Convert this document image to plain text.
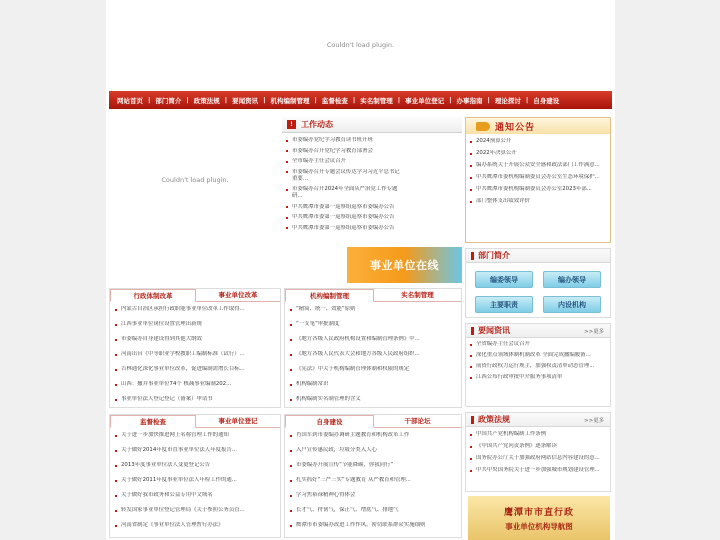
Couldn't load plugin.
网站首页 | 部门简介 | 政策法规 | 要闻资讯 | 机构编制管理 | 监督检查 | 实名制管理 | 事业单位登记 | 办事指南 | 理论探讨 | 自身建设
Couldn't load plugin.
!	工作动态
市委编办党纪学习教育读书班开班
市委编办召开党纪学习教育部署会
全市编办主任会议召开
市委编办召开专题会议传达学习习近平总书记重要...
市委编办召开2024年全面从严治党工作专题研...
中共鹰潭市委第一巡察组巡察市委编办公告
中共鹰潭市委第一巡察组巡察市委编办公告
中共鹰潭市委第一巡察组巡察市委编办公告
通知公告
2024预算公开
2022年决算公开
编办系统关于开展公众安全感和政法部门工作满意...
中共鹰潭市委机构编制委员会办公室生态环境保护...
中共鹰潭市委机构编制委员会办公室2023年部...
部门整体支出绩效评价
事业单位在线
部门简介
编委领导	编办领导
主要职责	内设机构
行政体制改革	事业单位改革
内蒙古自治区承担行政职能事业单位改革工作取得...
江西事业单位岗位设置管理出新规
市委编办自身建设得到其他大纲效
河南出台《中等职业学校教职工编制标准（试行）...
吉林通化深化事业单位改革，促进编制需增长目标...
山西：撤并事业单位74个 核减事业编制202...
事业单位法人登记登记（备案）申请书
机构编制管理	实名制管理
“精简、统一、效能”原则
“一支笔”审批制度
《地方各级人民政府机构设置和编制管理条例》中...
《地方各级人民代表大会和地方各级人民政府组织...
《宪法》中关于机构编制管理体制和权限的规定
机构编制常识
机构编制实名制管理的含义
监督检查	事业单位登记
关于进一步加快推进网上名称管理工作的通知
关于做好2014年度市直事业单位法人年度报告...
2013年度事业单位法人变更登记公告
关于做好2011年度事业单位法人年检工作的通...
关于做好我市政务和公益专用中文域名
转发国家事业单位登记管理局《关于参照公务员管...
河南省制定《事业单位法人管理暂行办法》
自身建设	干部论坛
肖国军到市委编办调研主题教育和机构改革工作
入户宣传惠民政，垃圾分类入人心
市委编办开展宣传“节能降碳，你我同行”
扎实抓好“三严三实”专题教育 从严教育和管理...
学习焦裕禄精神心得体会
长才气、捋韧气，保正气、增底气、排地气
鹰潭市市委编办改进工作作风，密切联系群众实施细则
要闻资讯	>>更多
全省编办主任会议召开
深化重点领域体制机制改革 全面完成撤编履备...
前资行政权力运行规主，加强权责清单动态管理...
江西公布行政审批中介服务事项清单
政策法规	>>更多
中国共产党机构编制工作条例
《中国共产党问责条例》逐条解读
国务院办公厅关于加强政府网站信息内容建设的意...
中共中央国务院关于进一步加强城市规划建设管理...
鹰潭市市直行政
事业单位机构导航图
